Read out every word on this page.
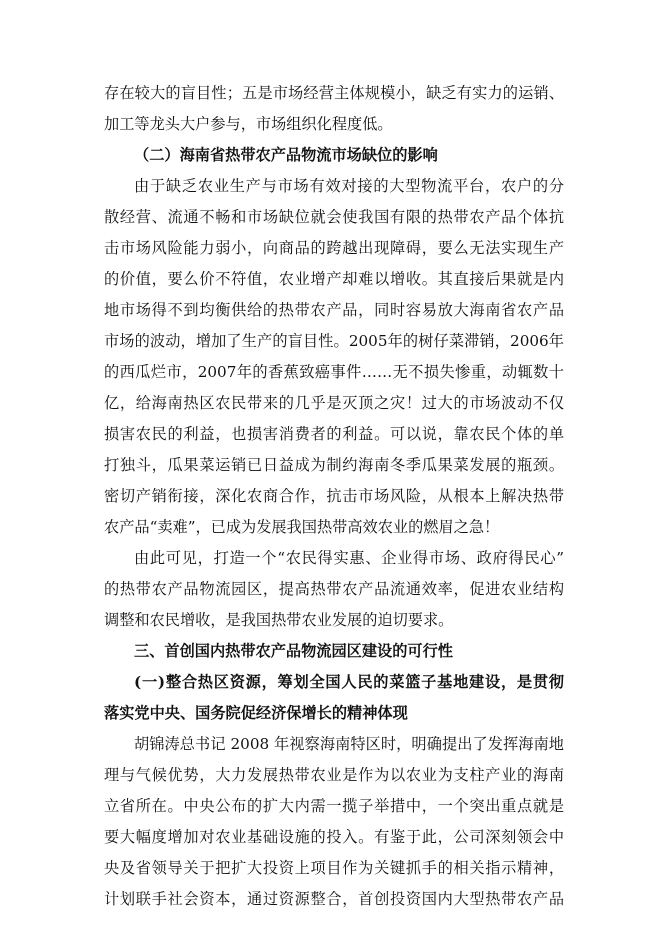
存在较大的盲目性；五是市场经营主体规模小，缺乏有实力的运销、
加工等龙头大户参与，市场组织化程度低。
（二）海南省热带农产品物流市场缺位的影响
由于缺乏农业生产与市场有效对接的大型物流平台，农户的分
散经营、流通不畅和市场缺位就会使我国有限的热带农产品个体抗
击市场风险能力弱小，向商品的跨越出现障碍，要么无法实现生产
的价值，要么价不符值，农业增产却难以增收。其直接后果就是内
地市场得不到均衡供给的热带农产品，同时容易放大海南省农产品
市场的波动，增加了生产的盲目性。2005年的树仔菜滞销，2006年
的西瓜烂市，2007年的香蕉致癌事件……无不损失惨重，动辄数十
亿，给海南热区农民带来的几乎是灭顶之灾！过大的市场波动不仅
损害农民的利益，也损害消费者的利益。可以说，靠农民个体的单
打独斗，瓜果菜运销已日益成为制约海南冬季瓜果菜发展的瓶颈。
密切产销衔接，深化农商合作，抗击市场风险，从根本上解决热带
农产品“卖难”，已成为发展我国热带高效农业的燃眉之急！
由此可见，打造一个“农民得实惠、企业得市场、政府得民心”
的热带农产品物流园区，提高热带农产品流通效率，促进农业结构
调整和农民增收，是我国热带农业发展的迫切要求。
三、首创国内热带农产品物流园区建设的可行性
(一)整合热区资源，筹划全国人民的菜篮子基地建设，是贯彻
落实党中央、国务院促经济保增长的精神体现
胡锦涛总书记 2008 年视察海南特区时，明确提出了发挥海南地
理与气候优势，大力发展热带农业是作为以农业为支柱产业的海南
立省所在。中央公布的扩大内需一揽子举措中，一个突出重点就是
要大幅度增加对农业基础设施的投入。有鉴于此，公司深刻领会中
央及省领导关于把扩大投资上项目作为关键抓手的相关指示精神，
计划联手社会资本，通过资源整合，首创投资国内大型热带农产品
